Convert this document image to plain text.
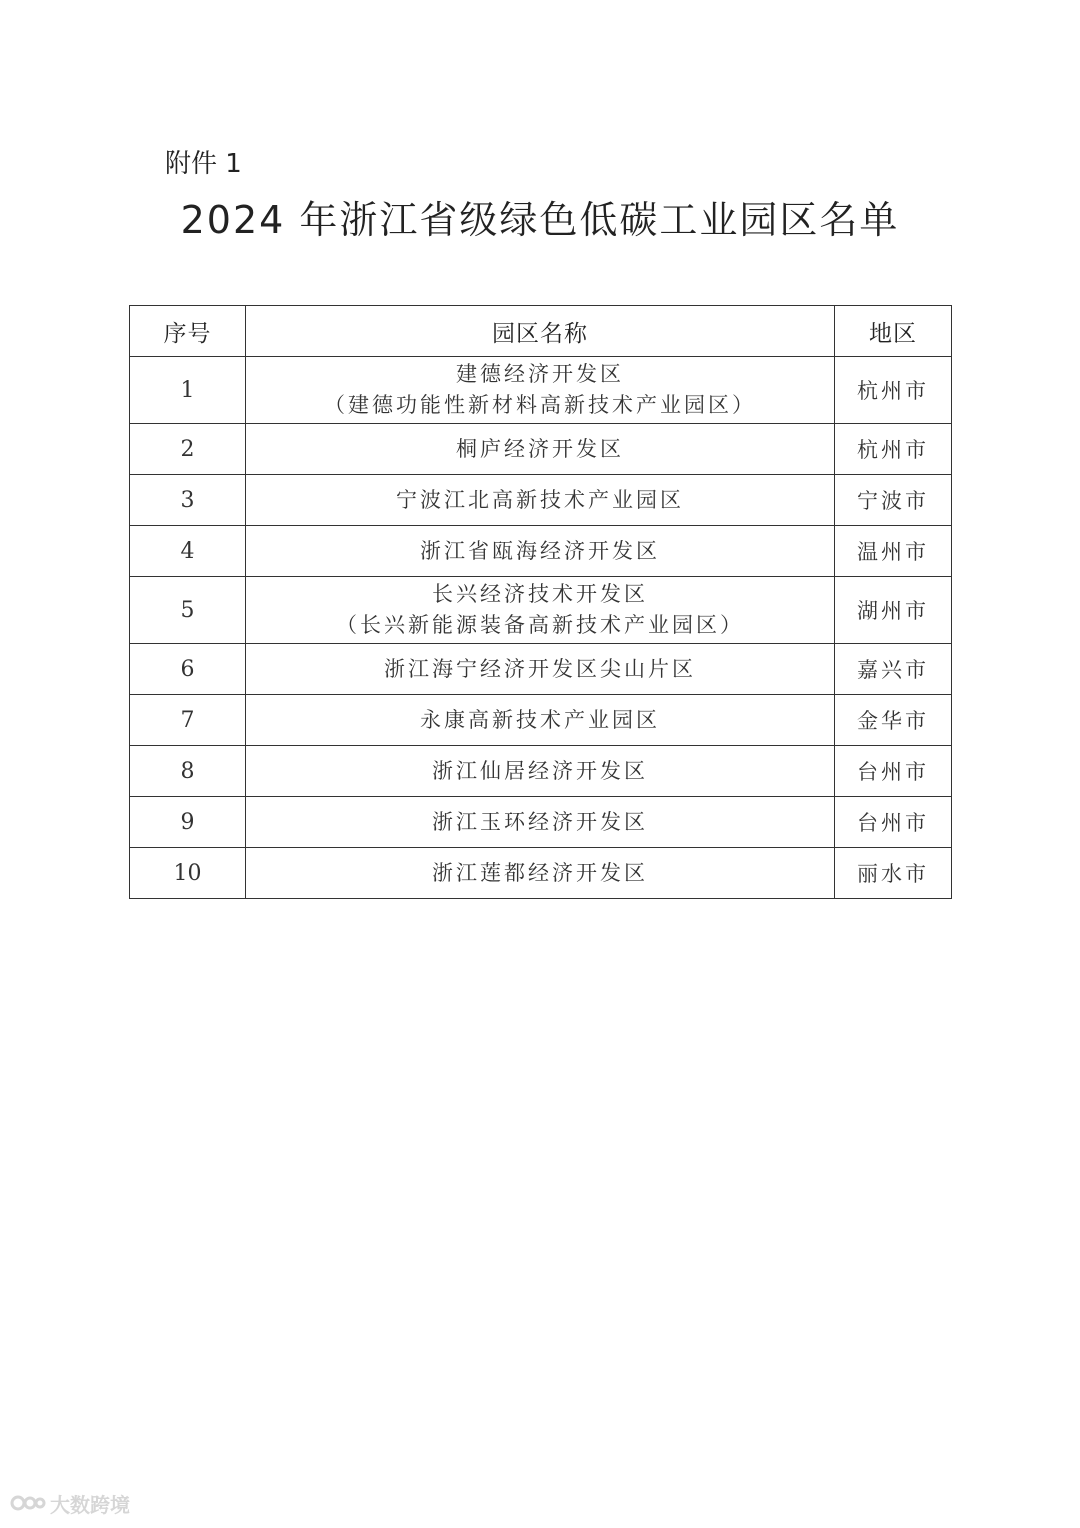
附件 1
2024 年浙江省级绿色低碳工业园区名单
序号	园区名称	地区
1	建德经济开发区
（建德功能性新材料高新技术产业园区）	杭州市
2	桐庐经济开发区	杭州市
3	宁波江北高新技术产业园区	宁波市
4	浙江省瓯海经济开发区	温州市
5	长兴经济技术开发区
（长兴新能源装备高新技术产业园区）	湖州市
6	浙江海宁经济开发区尖山片区	嘉兴市
7	永康高新技术产业园区	金华市
8	浙江仙居经济开发区	台州市
9	浙江玉环经济开发区	台州市
10	浙江莲都经济开发区	丽水市
大数跨境
